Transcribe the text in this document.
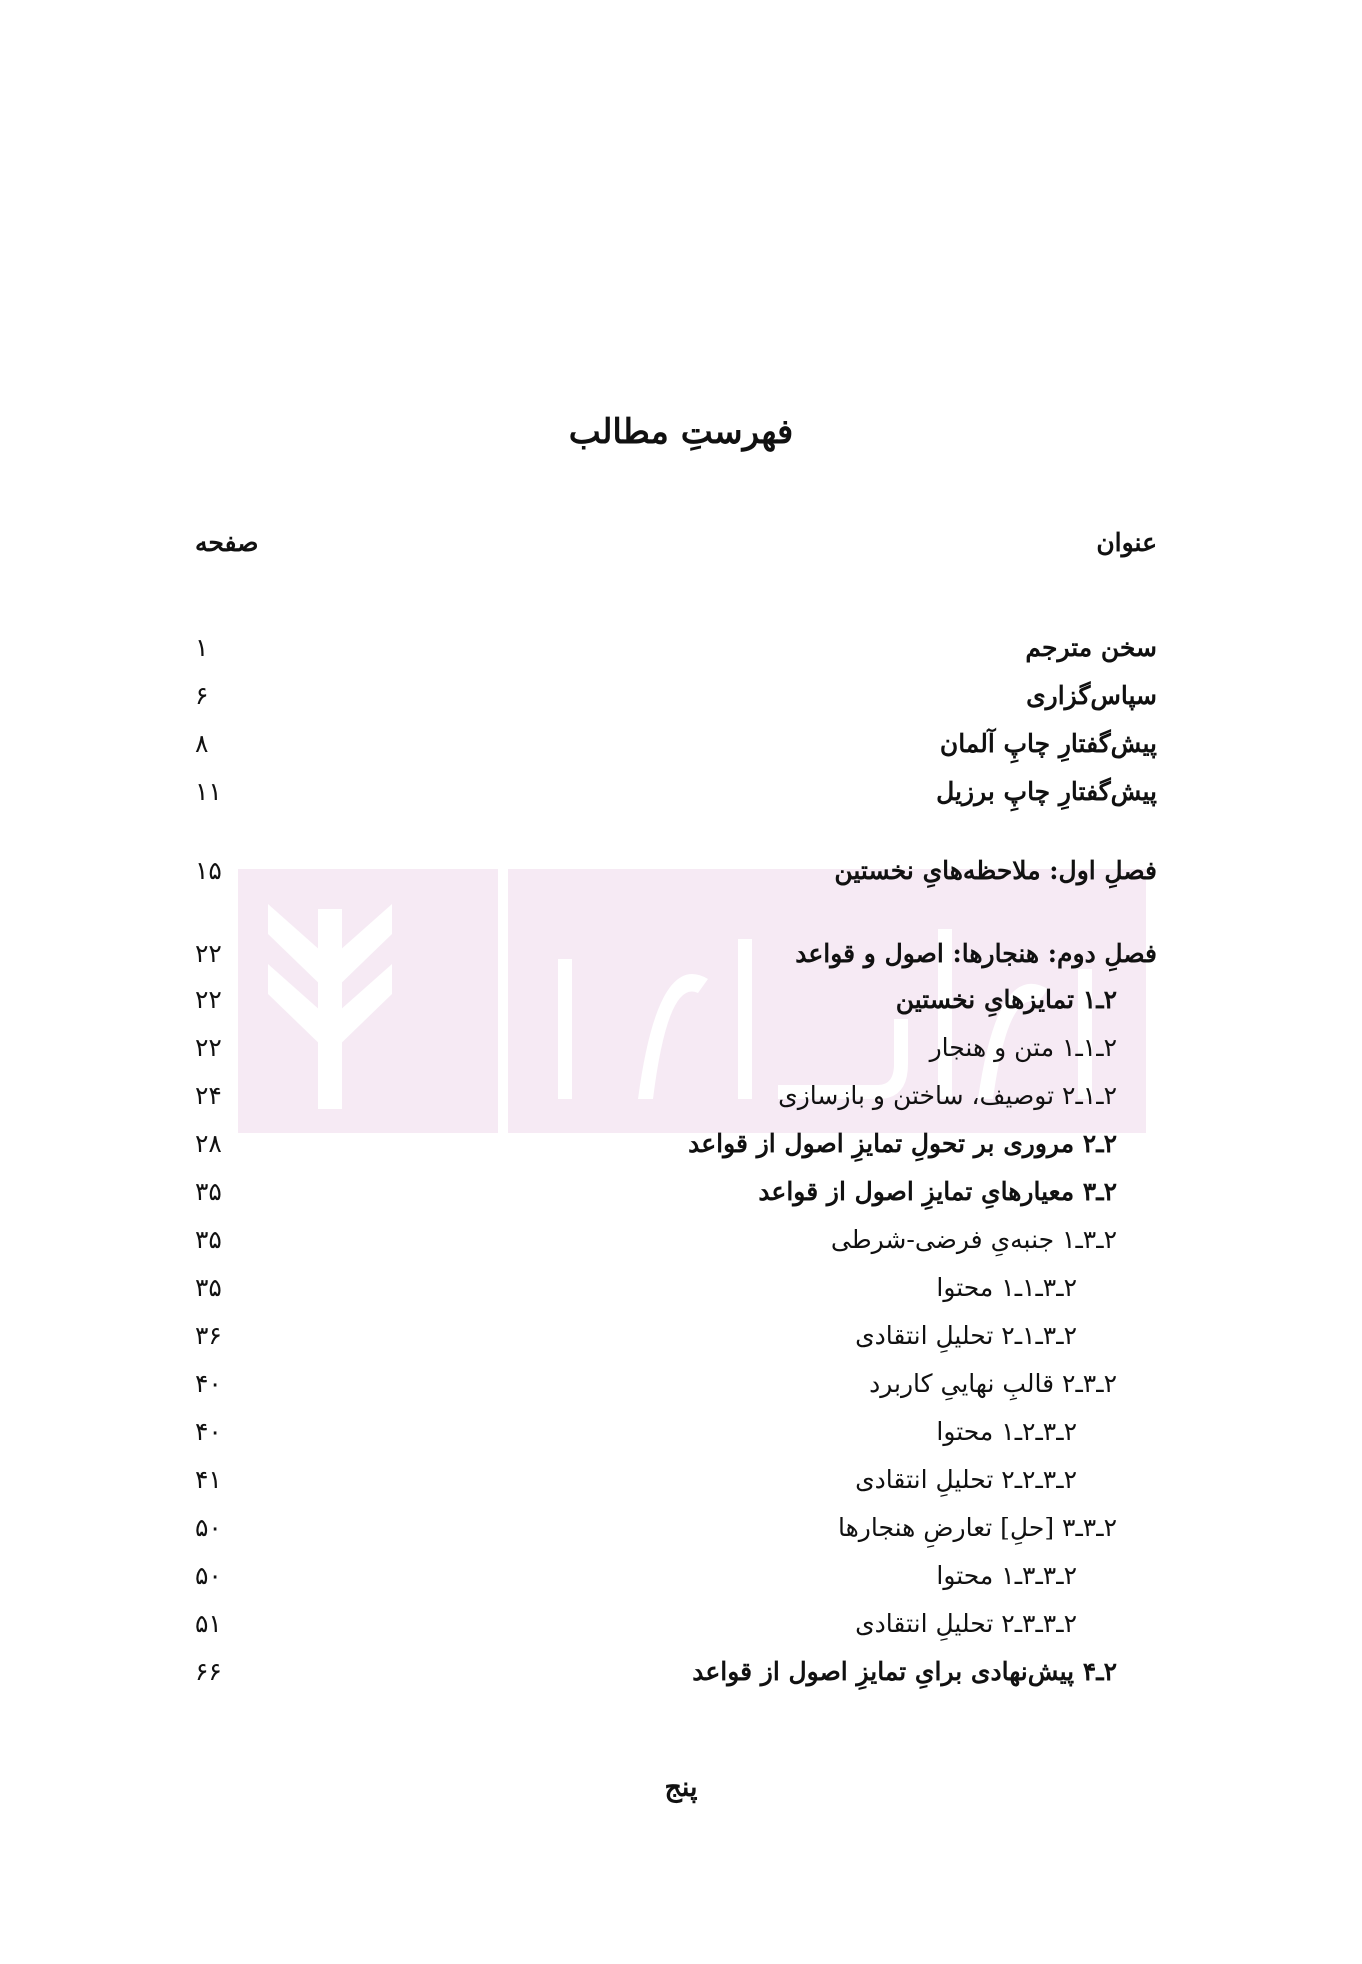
فهرستِ مطالب
عنوان
صفحه
سخن مترجم
۱
سپاس‌گزاری
۶
پیش‌گفتارِ چاپِ آلمان
۸
پیش‌گفتارِ چاپِ برزیل
۱۱
فصلِ اول: ملاحظه‌هایِ نخستین
۱۵
فصلِ دوم: هنجارها: اصول و قواعد
۲۲
۲ـ۱ تمایزهایِ نخستین
۲۲
۲ـ۱ـ۱ متن و هنجار
۲۲
۲ـ۱ـ۲ توصیف، ساختن و بازسازی
۲۴
۲ـ۲ مروری بر تحولِ تمایزِ اصول از قواعد
۲۸
۲ـ۳ معیارهایِ تمایزِ اصول از قواعد
۳۵
۲ـ۳ـ۱ جنبه‌یِ فرضی-شرطی
۳۵
۲ـ۳ـ۱ـ۱ محتوا
۳۵
۲ـ۳ـ۱ـ۲ تحلیلِ انتقادی
۳۶
۲ـ۳ـ۲ قالبِ نهاییِ کاربرد
۴۰
۲ـ۳ـ۲ـ۱ محتوا
۴۰
۲ـ۳ـ۲ـ۲ تحلیلِ انتقادی
۴۱
۲ـ۳ـ۳ [حلِ] تعارضِ هنجارها
۵۰
۲ـ۳ـ۳ـ۱ محتوا
۵۰
۲ـ۳ـ۳ـ۲ تحلیلِ انتقادی
۵۱
۲ـ۴ پیش‌نهادی برایِ تمایزِ اصول از قواعد
۶۶
پنج
